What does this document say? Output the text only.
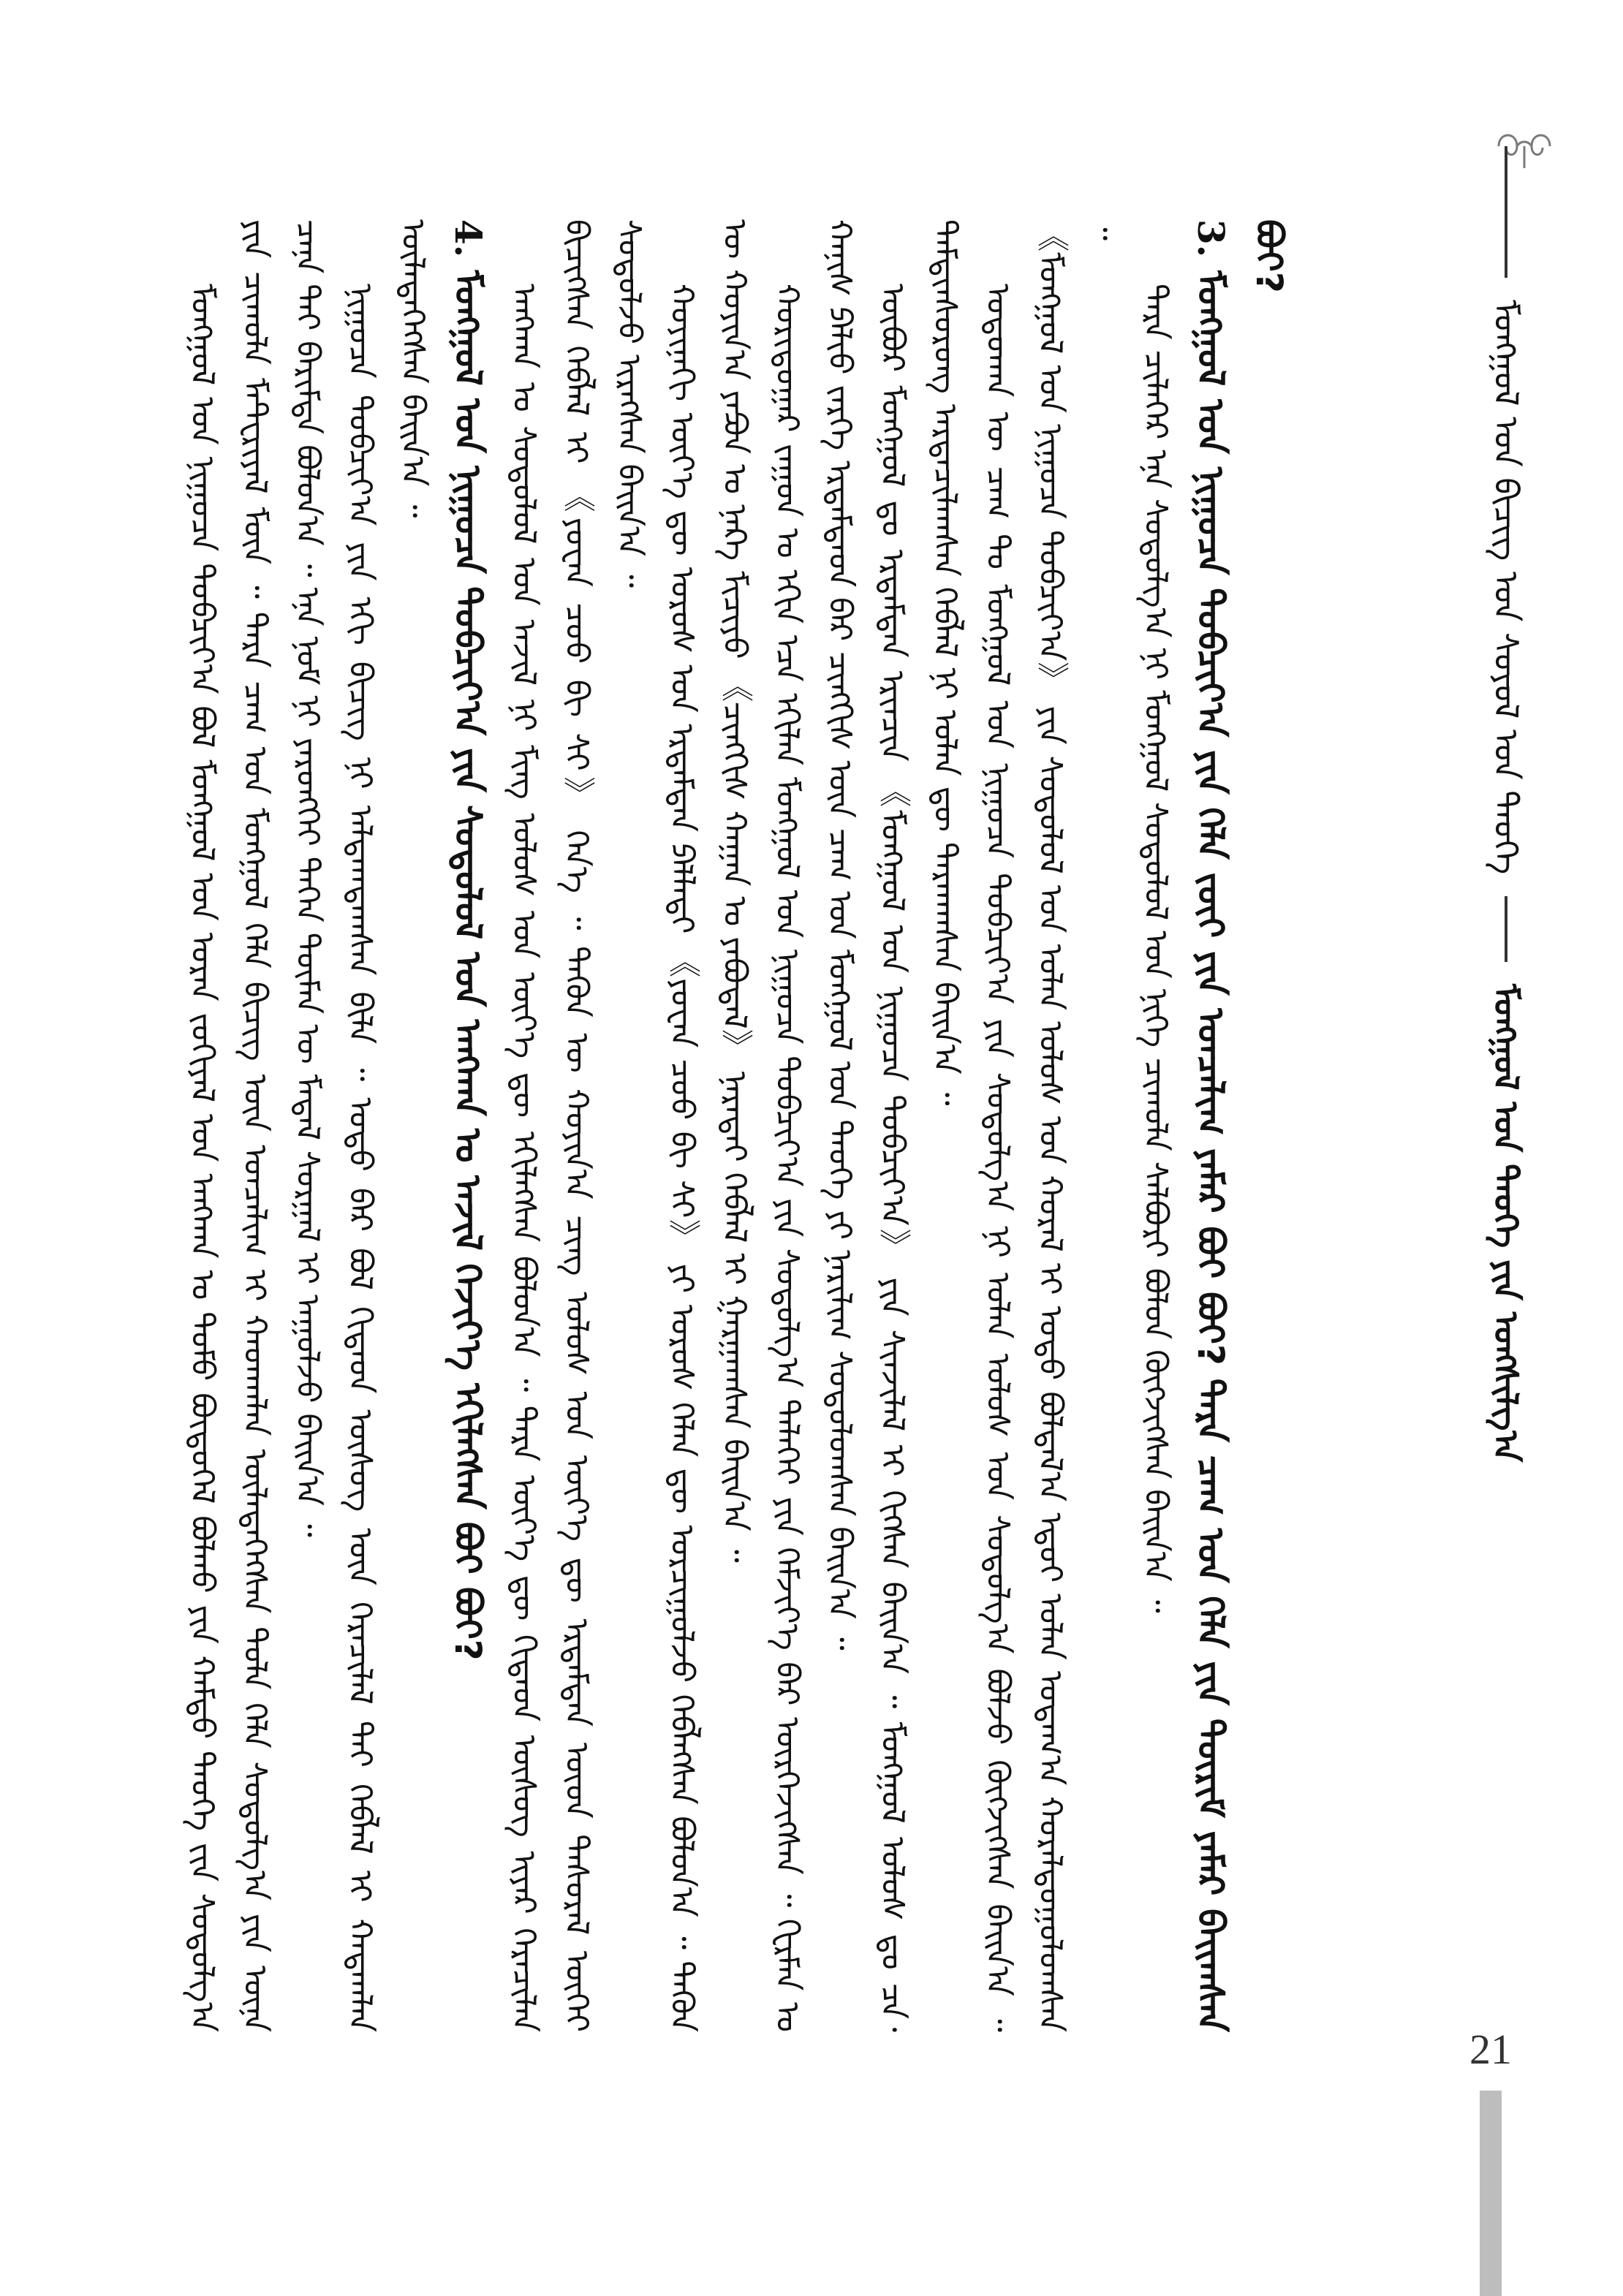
ᠮᠣᠩᠭᠣᠯ ᠤᠨ ᠪᠢᠴᠢᠭ᠌ ᠤᠨ ᠰᠤᠶᠤᠯ ᠤᠨ ᠲᠡᠦᠬᠡ
ᠮᠣᠩᠭᠣᠯ ᠤᠨ ᠲᠡᠦᠬᠡ ᠶᠢᠨ ᠤᠩᠰᠢᠯᠭ᠎ᠠ

ᠮᠣᠩᠭᠣᠯ ᠤᠨ ᠨᠢᠭᠤᠴᠠ ᠲᠣᠪᠴᠢᠶ᠎ᠠ ᠪᠣᠯ ᠮᠣᠩᠭᠣᠯ ᠤᠨ ᠤᠷᠠᠨ ᠵᠣᠬᠢᠶᠠᠯ ᠤᠨ ᠠᠩᠬᠠᠨ ᠤ ᠲᠣᠮᠣ ᠪᠦᠲᠦᠭᠡᠯ ᠪᠣᠯᠬᠤ ᠶᠢᠨ ᠬᠠᠮᠲᠤ ᠲᠡᠦᠬᠡ ᠵᠢᠨ ᠰᠤᠳᠤᠯᠭ᠎ᠠ ᠶᠢᠨ ᠴᠢᠬᠤᠯᠠ ᠮᠠᠲ᠋ᠧᠷᠢᠶᠠᠯ ᠮᠥᠨ ᠃ ᠲᠡᠷᠡ ᠴᠠᠭ ᠤᠨ ᠮᠣᠩᠭᠣᠯ ᠬᠡᠯᠡ ᠪᠢᠴᠢᠭ᠌ ᠦᠨ ᠣᠨᠴᠠᠯᠢᠭ ᠢ ᠬᠠᠳᠬᠠᠯᠠᠨ ᠦᠯᠡᠳᠡᠭᠡᠭᠰᠡᠨ ᠲᠤᠯᠠ ᠬᠡᠯᠡ ᠰᠤᠳᠤᠯᠭ᠎ᠠ ᠶᠢᠨ ᠦᠨᠡ ᠴᠡᠨᠡ ᠲᠡᠢ ᠪᠠᠷᠢᠮᠲᠠ ᠪᠣᠯᠤᠨ᠎ᠠ ᠃ ᠡᠨᠡ ᠨᠣᠮ ᠨᠢ ᠶᠡᠷᠦᠩᠬᠡᠢ ᠳᠡᠭᠡᠨ ᠲᠦᠮᠡᠨ ᠦ ᠮᠡᠳᠡᠯ ᠰᠤᠷᠭᠠᠯ ᠢ ᠠᠭᠤᠯᠵᠤ ᠪᠠᠢᠨ᠎ᠠ ᠃ ᠨᠢᠭᠤᠴᠠ ᠲᠣᠪᠴᠢᠶ᠎ᠠ ᠶᠢᠨ ᠡᠬᠢ ᠪᠢᠴᠢᠭ᠌ ᠨᠢ ᠠᠯᠳᠠᠭᠳᠠᠭᠰᠠᠨ ᠪᠢᠯᠡ ᠃ ᠣᠳᠣ ᠪᠠᠷ ᠪᠣᠯ ᠬᠢᠲᠠᠳ ᠦᠰᠦᠭ ᠦᠨ ᠭᠡᠷᠡᠴᠢᠯᠡᠯ ᠲᠡᠢ ᠬᠡᠪᠯᠡᠯ ᠢ ᠬᠠᠳᠠᠭᠯᠠᠨ ᠦᠯᠡᠳᠡᠭᠡᠭᠰᠡᠨ ᠪᠠᠢᠨ᠎ᠠ ᠃ 4. ᠮᠣᠩᠭᠣᠯ ᠤᠨ ᠨᠢᠭᠤᠴᠠ ᠲᠣᠪᠴᠢᠶ᠎ᠠ ᠶᠢᠨ ᠰᠤᠳᠤᠯᠤᠯ ᠤᠨ ᠠᠩᠬᠠᠨ ᠤ ᠠᠵᠢᠯ ᠬᠡᠵᠢᠶ᠎ᠡ ᠡᠬᠢᠯᠡᠭᠰᠡᠨ ᠪᠤᠢ ᠪᠤᠢ? ᠠᠩᠬᠠᠨ ᠤ ᠰᠤᠳᠤᠯᠤᠯ ᠤᠨ ᠠᠵᠢᠯ ᠨᠢ ᠮᠢᠩ ᠤᠯᠤᠰ ᠤᠨ ᠦᠶ᠎ᠡ ᠳᠦ ᠡᠬᠢᠯᠡᠭᠰᠡᠨ ᠪᠣᠯᠤᠨ᠎ᠠ ᠃ ᠲᠡᠷᠡ ᠦᠶ᠎ᠡ ᠳᠦ ᠬᠢᠲᠠᠳ ᠦᠰᠦᠭ ᠢᠶᠡᠷ ᠭᠡᠷᠡᠴᠢᠯᠡᠨ ᠪᠢᠴᠢᠭᠰᠡᠨ ᠬᠡᠪᠯᠡᠯ ᠢ 《ᠶᠤᠸᠠᠨ ᠴᠣᠣ ᠪᠢ ᠰᠢ》 ᠭᠡᠨ᠎ᠡ ᠃ ᠲᠡᠭᠦᠨ ᠦ ᠬᠣᠶᠢᠨ᠎ᠠ ᠴᠢᠩ ᠤᠯᠤᠰ ᠤᠨ ᠦᠶ᠎ᠡ ᠳᠦ ᠡᠷᠳᠡᠮᠲᠡᠨ ᠦᠳ ᠲᠠᠰᠤᠷᠠᠯ ᠦᠭᠡᠢ ᠰᠤᠳᠤᠯᠵᠤ ᠢᠷᠡᠭᠰᠡᠨ ᠪᠠᠢᠨ᠎ᠠ ᠃ ᠬᠣᠶᠢᠨᠠᠬᠢ ᠦᠶ᠎ᠡ ᠳᠦ ᠣᠷᠣᠰ ᠤᠨ ᠡᠷᠳᠡᠮᠲᠡᠨ ᠫᠠᠯᠯᠠᠳᠢ 《ᠶᠤᠸᠠᠨ ᠴᠣᠣ ᠪᠢ ᠰᠢ》 ᠶᠢ ᠣᠷᠣᠰ ᠬᠡᠯᠡᠨ ᠳᠦ ᠣᠷᠴᠢᠭᠤᠯᠵᠤ ᠬᠡᠪᠯᠡᠭᠰᠡᠨ ᠪᠣᠯᠤᠨ᠎ᠠ ᠃ ᠲᠡᠭᠦᠨ ᠦ ᠬᠣᠶᠢᠨ᠎ᠠ ᠶᠠᠫᠣᠨ ᠤ ᠨᠠᠺᠠ ᠮᠢᠴᠢᠶᠣ 《ᠴᠢᠩᠭᠢᠰ ᠬᠠᠭᠠᠨ ᠤ ᠶᠠᠪᠤᠳᠠᠯ》 ᠨᠡᠷᠡᠲᠡᠢ ᠬᠡᠪᠯᠡᠯ ᠢ ᠭᠠᠷᠭᠠᠭᠰᠠᠨ ᠪᠠᠢᠨ᠎ᠠ ᠃ ᠬᠣᠷᠢᠳᠤᠭᠠᠷ ᠵᠠᠭᠤᠨ ᠤ ᠡᠬᠢᠨ ᠡᠴᠡ ᠡᠬᠢᠯᠡᠨ ᠮᠣᠩᠭᠣᠯ ᠤᠨ ᠨᠢᠭᠤᠴᠠ ᠲᠣᠪᠴᠢᠶ᠎ᠠ ᠶᠢᠨ ᠰᠤᠳᠤᠯᠭ᠎ᠠ ᠳᠡᠯᠡᠬᠡᠢ ᠶᠢᠨ ᠬᠡᠮᠵᠢᠶ᠎ᠡ ᠪᠡᠷ ᠥᠷᠭᠡᠵᠢᠭᠰᠡᠨ ᠃ ᠭᠧᠷᠮᠠᠨ ᠤ ᠬᠠᠨᠢᠰ ᠫᠡᠯᠢᠣ ᠵᠡᠷᠭᠡ ᠡᠷᠳᠡᠮᠲᠡᠳ ᠪᠠᠷ ᠴᠢᠩᠭᠢᠰ ᠦᠨ ᠴᠠᠭ ᠤᠨ ᠮᠣᠩᠭᠣᠯ ᠤᠨ ᠲᠡᠦᠬᠡ ᠶᠢ ᠨᠠᠷᠢᠯᠢᠭ ᠰᠤᠳᠤᠯᠤᠭᠰᠠᠨ ᠪᠠᠢᠨ᠎ᠠ ᠃ ᠥᠪᠥᠷ ᠮᠣᠩᠭᠣᠯ ᠳᠤ ᠡᠷᠳᠡᠮᠲᠡᠨ ᠡᠷᠢᠨᠴᠢᠨ 《ᠮᠣᠩᠭᠣᠯ ᠤᠨ ᠨᠢᠭᠤᠴᠠ ᠲᠣᠪᠴᠢᠶ᠎ᠠ》 ᠶᠢᠨ ᠰᠢᠨᠵᠢᠯᠡᠯ ᠢ ᠬᠢᠭᠰᠡᠨ ᠪᠠᠢᠨ᠎ᠠ ᠃ ᠮᠣᠩᠭᠣᠯ ᠤᠯᠤᠰ ᠳᠤ ᠴᠡ᠂ ᠳᠠᠮᠳᠢᠨᠰᠦᠷᠦᠩ ᠠᠷᠳᠠᠴᠢᠯᠠᠭᠰᠠᠨ ᠬᠡᠪᠯᠡᠯ ᠨᠢ ᠣᠯᠠᠨ ᠳᠦ ᠲᠠᠷᠬᠠᠭᠰᠠᠨ ᠪᠠᠢᠨ᠎ᠠ ᠃ ᠣᠳᠣᠬᠠᠨ ᠦ ᠴᠠᠭ ᠲᠤ ᠮᠣᠩᠭᠣᠯ ᠤᠨ ᠨᠢᠭᠤᠴᠠ ᠲᠣᠪᠴᠢᠶ᠎ᠠ ᠶᠢᠨ ᠰᠤᠳᠤᠯᠭ᠎ᠠ ᠨᠢ ᠣᠯᠠᠨ ᠤᠯᠤᠰ ᠤᠨ ᠰᠤᠳᠤᠯᠭ᠎ᠠ ᠪᠣᠯᠵᠤ ᠬᠥᠭᠵᠢᠭᠰᠡᠨ ᠪᠠᠢᠨ᠎ᠠ ᠃ 《ᠮᠣᠩᠭᠣᠯ ᠤᠨ ᠨᠢᠭᠤᠴᠠ ᠲᠣᠪᠴᠢᠶ᠎ᠠ》 ᠶᠢᠨ ᠰᠤᠳᠤᠯᠤᠯ ᠤᠨ ᠣᠯᠠᠨ ᠤᠯᠤᠰ ᠤᠨ ᠬᠤᠷᠠᠯ ᠢ ᠣᠳᠣ ᠪᠣᠯᠲᠠᠯ᠎ᠠ ᠡᠳᠦᠢ ᠣᠯᠠᠨ ᠤᠳᠠᠭ᠎ᠠ ᠬᠤᠷᠠᠯᠳᠤᠭᠤᠯᠤᠭᠰᠠᠨ ᠃

ᠲᠡᠷᠡ ᠴᠢᠯᠡᠭᠡᠷ ᠡᠨᠡ ᠰᠤᠳᠤᠯᠭ᠎ᠠ ᠨᠢ ᠮᠣᠩᠭᠣᠯ ᠰᠤᠳᠤᠯᠤᠯ ᠤᠨ ᠨᠢᠭᠡ ᠴᠢᠬᠤᠯᠠ ᠰᠠᠯᠪᠤᠷᠢ ᠪᠣᠯᠤᠨ ᠬᠥᠭᠵᠢᠭᠰᠡᠨ ᠪᠠᠢᠨ᠎ᠠ ᠃

3. ᠮᠣᠩᠭᠣᠯ ᠤᠨ ᠨᠢᠭᠤᠴᠠ ᠲᠣᠪᠴᠢᠶ᠎ᠠ ᠶᠢᠨ ᠬᠡᠯᠡ ᠵᠦᠢ ᠶᠢᠨ ᠣᠨᠴᠠᠯᠢᠭ ᠶᠠᠮᠠᠷ ᠪᠤᠢ ᠪᠤᠢ? ᠲᠡᠷᠡ ᠴᠠᠭ ᠤᠨ ᠬᠡᠯᠡ ᠶᠢᠨ ᠳᠦᠷᠢᠮ ᠶᠠᠮᠠᠷ ᠪᠠᠢᠭᠰᠠᠨ ᠪᠤᠢ?

21
